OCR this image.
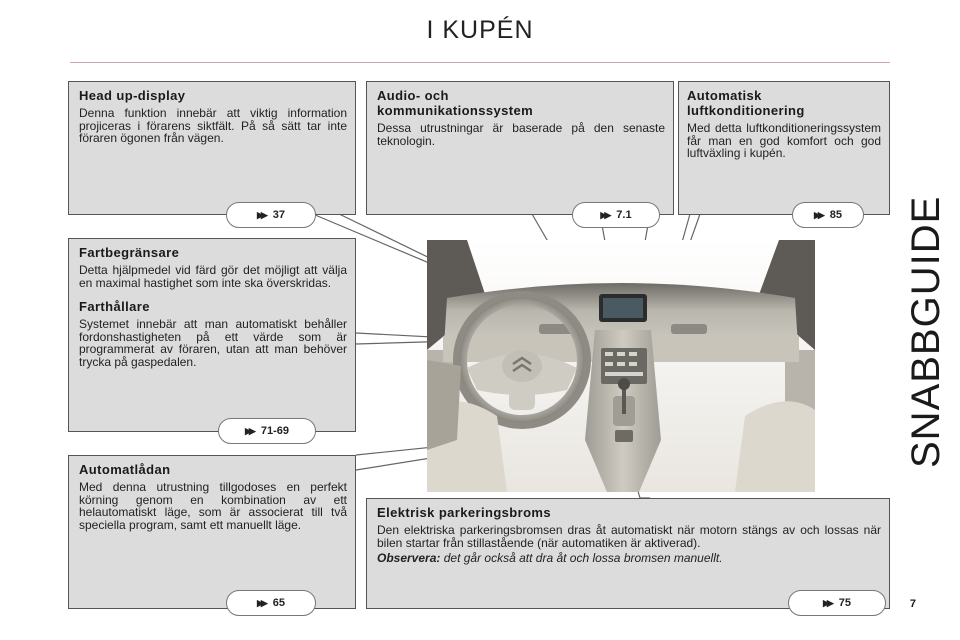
I KUPÉN
Head up-display

Denna funktion innebär att viktig information projiceras i förarens siktfält. På så sätt tar inte föraren ögonen från vägen.

▶▶ 37
Audio- och kommunikationssystem

Dessa utrustningar är baserade på den senaste teknologin.

▶▶ 7.1
Automatisk luftkonditionering

Med detta luftkonditioneringssystem får man en god komfort och god luftväxling i kupén.

▶▶ 85
Fartbegränsare

Detta hjälpmedel vid färd gör det möjligt att välja en maximal hastighet som inte ska överskridas.

Farthållare

Systemet innebär att man automatiskt behåller fordonshastigheten på ett värde som är programmerat av föraren, utan att man behöver trycka på gaspedalen.

▶▶ 71-69
Automatlådan

Med denna utrustning tillgodoses en perfekt körning genom en kombination av ett helautomatiskt läge, som är associerat till två speciella program, samt ett manuellt läge.

▶▶ 65
Elektrisk parkeringsbroms

Den elektriska parkeringsbromsen dras åt automatiskt när motorn stängs av och lossas när bilen startar från stillastående (när automatiken är aktiverad).

Observera: det går också att dra åt och lossa bromsen manuellt.

▶▶ 75
SNABBGUIDE
7
